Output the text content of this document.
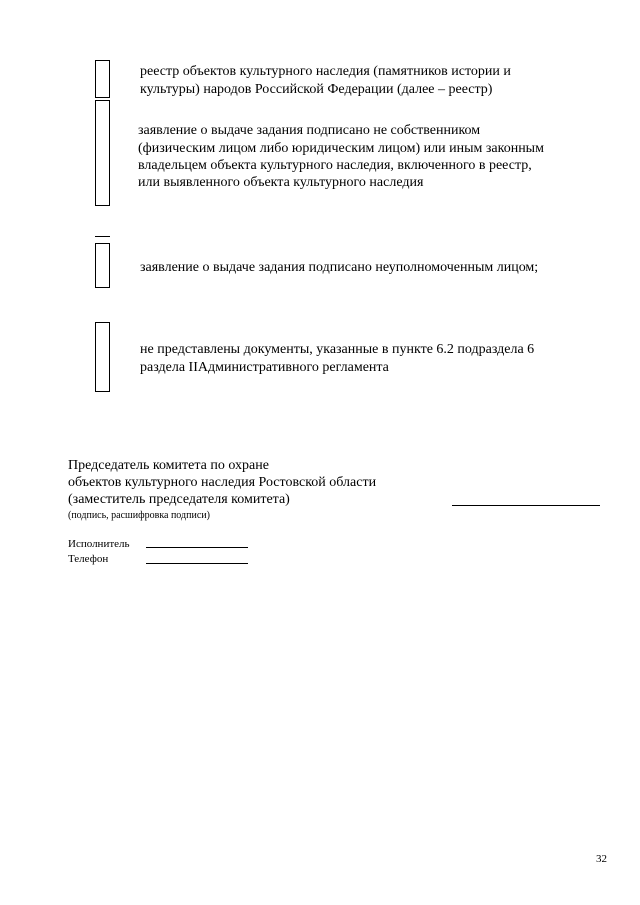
реестр объектов культурного наследия (памятников истории и
культуры) народов Российской Федерации (далее – реестр)
заявление о выдаче задания подписано не собственником
(физическим лицом либо юридическим лицом) или иным законным
владельцем объекта культурного наследия, включенного в реестр,
или выявленного объекта культурного наследия
заявление о выдаче задания подписано неуполномоченным лицом;
не представлены документы, указанные в пункте 6.2 подраздела 6
раздела IIАдминистративного регламента
Председатель комитета по охране
объектов культурного наследия Ростовской области
(заместитель председателя комитета)
(подпись, расшифровка подписи)
Исполнитель
Телефон
32
